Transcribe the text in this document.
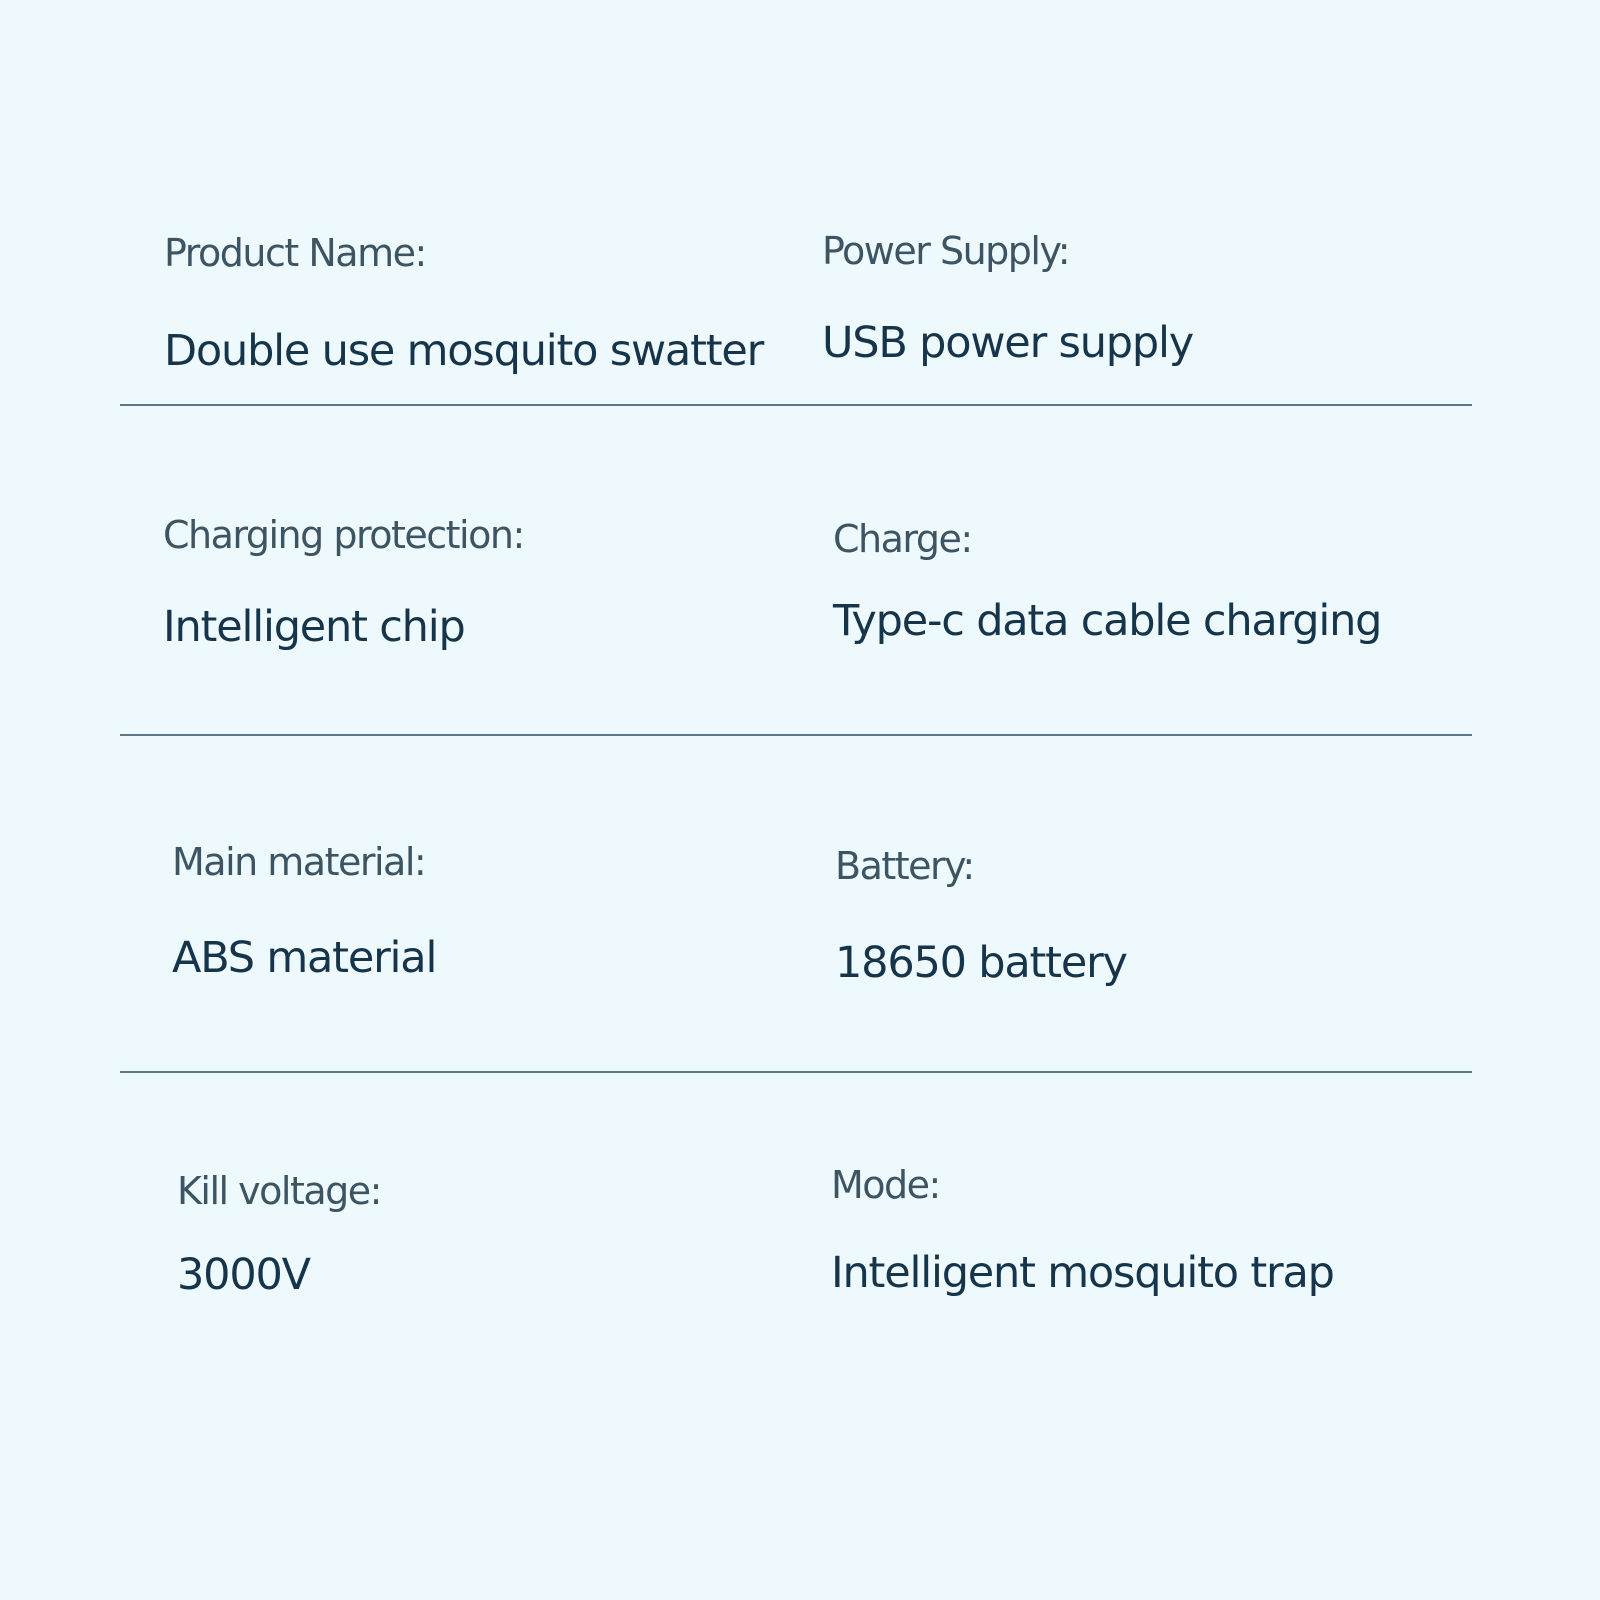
Product Name:
Double use mosquito swatter
Power Supply:
USB power supply
Charging protection:
Intelligent chip
Charge:
Type-c data cable charging
Main material:
ABS material
Battery:
18650 battery
Kill voltage:
3000V
Mode:
Intelligent mosquito trap
